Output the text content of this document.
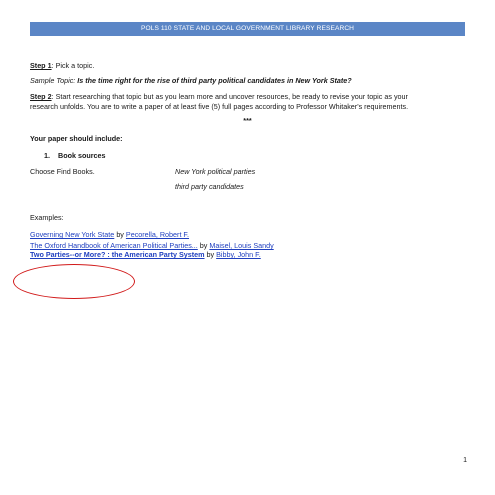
POLS 110 STATE AND LOCAL GOVERNMENT LIBRARY RESEARCH
Step 1: Pick a topic.
Sample Topic: Is the time right for the rise of third party political candidates in New York State?
Step 2: Start researching that topic but as you learn more and uncover resources, be ready to revise your topic as your
research unfolds. You are to write a paper of at least five (5) full pages according to Professor Whitaker's requirements.
***
Your paper should include:
1. Book sources
Choose Find Books.	New York political parties
third party candidates
Examples:
Governing New York State by Pecorella, Robert F.
The Oxford Handbook of American Political Parties... by Maisel, Louis Sandy
Two Parties--or More? : the American Party System by Bibby, John F.
1
